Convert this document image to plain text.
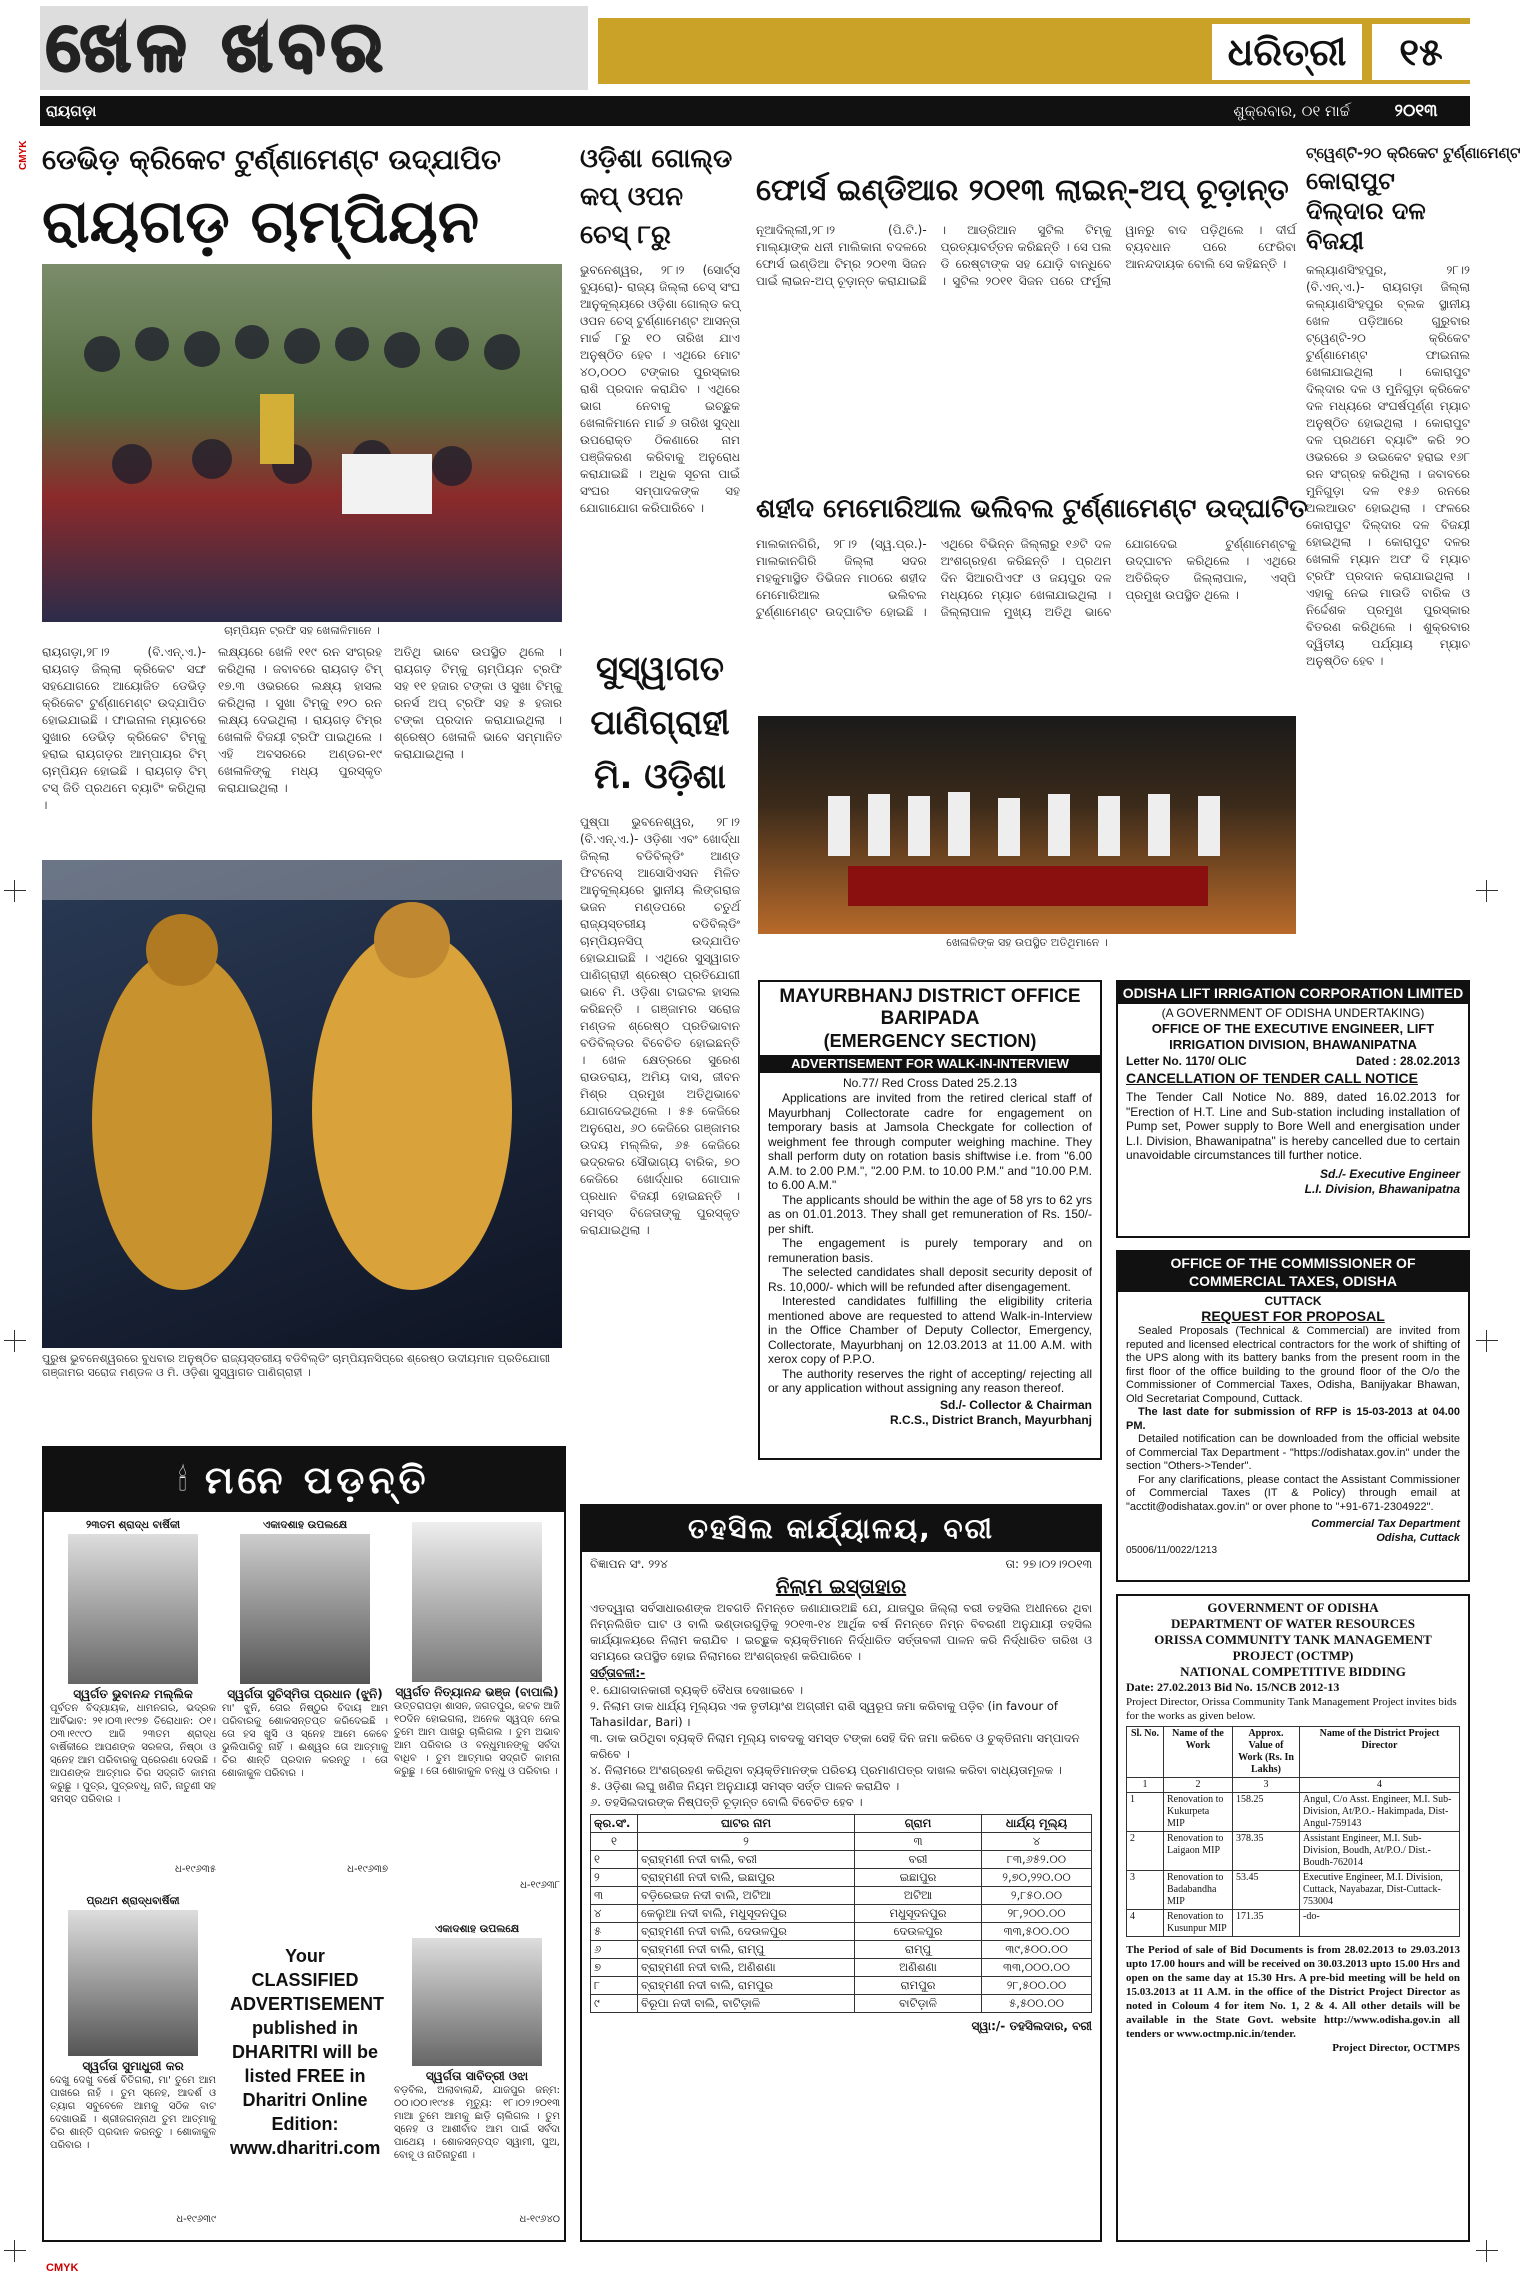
ଖେଳ ଖବର	ଧରିତ୍ରୀ	୧୫
ରାୟଗଡ଼ା	ଶୁକ୍ରବାର, ୦୧ ମାର୍ଚ୍ଚ	୨୦୧୩
CMYK
CMYK
ଡେଭିଡ଼ କ୍ରିକେଟ ଟୁର୍ଣ୍ଣାମେଣ୍ଟ ଉଦ୍‌ଯାପିତ
ରାୟଗଡ଼ ଚାମ୍ପିୟନ
ଚାମ୍ପିୟନ ଟ୍ରଫି ସହ ଖେଳାଳିମାନେ ।
ରାୟଗଡ଼ା,୨୮।୨ (ବି.ଏନ୍.ଏ.)- ରାୟଗଡ଼ ଜିଲ୍ଲା କ୍ରିକେଟ ସଙ୍ଘ ସହଯୋଗରେ ଆୟୋଜିତ ଡେଭିଡ଼ କ୍ରିକେଟ ଟୁର୍ଣ୍ଣାମେଣ୍ଟ ଉଦ୍‌ଯାପିତ ହୋଇଯାଇଛି । ଫାଇନାଲ ମ୍ୟାଚରେ ସୁଖାର ଡେଭିଡ଼ କ୍ରିକେଟ ଟିମ୍‌କୁ ହରାଇ ରାୟଗଡ଼ର ଆମ୍ପାୟର ଟିମ୍ ଚାମ୍ପିୟନ ହୋଇଛି । ରାୟଗଡ଼ ଟିମ୍ ଟସ୍ ଜିତି ପ୍ରଥମେ ବ୍ୟାଟିଂ କରିଥିଲା ।
ଲକ୍ଷ୍ୟରେ ଖେଳି ୧୧୯ ରନ ସଂଗ୍ରହ କରିଥିଲା । ଜବାବରେ ରାୟଗଡ଼ ଟିମ୍ ୧୭.୩ ଓଭରରେ ଲକ୍ଷ୍ୟ ହାସଲ କରିଥିଲା । ସୁଖା ଟିମ୍‌କୁ ୧୨୦ ରନ ଲକ୍ଷ୍ୟ ଦେଇଥିଲା । ରାୟଗଡ଼ ଟିମ୍‌ର ଖେଳାଳି ବିଜୟୀ ଟ୍ରଫି ପାଇଥିଲେ । ଏହି ଅବସରରେ ଅଣ୍ଡର-୧୯ ଖେଳାଳିଙ୍କୁ ମଧ୍ୟ ପୁରସ୍କୃତ କରାଯାଇଥିଲା ।
ଅତିଥି ଭାବେ ଉପସ୍ଥିତ ଥିଲେ । ରାୟଗଡ଼ ଟିମ୍‌କୁ ଚାମ୍ପିୟନ ଟ୍ରଫି ସହ ୧୧ ହଜାର ଟଙ୍କା ଓ ସୁଖା ଟିମ୍‌କୁ ରନର୍ସ ଅପ୍ ଟ୍ରଫି ସହ ୫ ହଜାର ଟଙ୍କା ପ୍ରଦାନ କରାଯାଇଥିଲା । ଶ୍ରେଷ୍ଠ ଖେଳାଳି ଭାବେ ସମ୍ମାନିତ କରାଯାଇଥିଲା ।
ଓଡ଼ିଶା ଗୋଲ୍ଡ କପ୍ ଓପନ ଚେସ୍ ୮ରୁ
ଭୁବନେଶ୍ୱର, ୨୮।୨ (ସୋର୍ଟ୍ସ ବ୍ୟୁରୋ)- ରାଜ୍ୟ ଜିଲ୍ଲା ଚେସ୍ ସଂଘ ଆନୁକୂଲ୍ୟରେ ଓଡ଼ିଶା ଗୋଲ୍ଡ କପ୍ ଓପନ ଚେସ୍ ଟୁର୍ଣ୍ଣାମେଣ୍ଟ ଆସନ୍ତା ମାର୍ଚ୍ଚ ୮ରୁ ୧୦ ତାରିଖ ଯାଏ ଅନୁଷ୍ଠିତ ହେବ । ଏଥିରେ ମୋଟ ୪୦,୦୦୦ ଟଙ୍କାର ପୁରସ୍କାର ରାଶି ପ୍ରଦାନ କରାଯିବ । ଏଥିରେ ଭାଗ ନେବାକୁ ଇଚ୍ଛୁକ ଖେଳାଳିମାନେ ମାର୍ଚ୍ଚ ୬ ତାରିଖ ସୁଦ୍ଧା ଉପରୋକ୍ତ ଠିକଣାରେ ନାମ ପଞ୍ଜିକରଣ କରିବାକୁ ଅନୁରୋଧ କରାଯାଇଛି । ଅଧିକ ସୂଚନା ପାଇଁ ସଂଘର ସମ୍ପାଦକଙ୍କ ସହ ଯୋଗାଯୋଗ କରିପାରିବେ ।
ସୁସ୍ୱାଗତ ପାଣିଗ୍ରାହୀ ମି. ଓଡ଼ିଶା
ପୁଷ୍ପା ଭୁବନେଶ୍ୱର, ୨୮।୨ (ବି.ଏନ୍.ଏ.)- ଓଡ଼ିଶା ଏବଂ ଖୋର୍ଦ୍ଧା ଜିଲ୍ଲା ବଡିବିଲ୍ଡିଂ ଆଣ୍ଡ ଫିଟନେସ୍ ଆସୋସିଏସନ ମିଳିତ ଆନୁକୂଲ୍ୟରେ ସ୍ଥାନୀୟ ଲିଙ୍ଗରାଜ ଭଜନ ମଣ୍ଡପରେ ଚତୁର୍ଥ ରାଜ୍ୟସ୍ତରୀୟ ବଡିବିଲ୍ଡିଂ ଚାମ୍ପିୟନସିପ୍ ଉଦ୍‌ଯାପିତ ହୋଇଯାଇଛି । ଏଥିରେ ସୁସ୍ୱାଗତ ପାଣିଗ୍ରାହୀ ଶ୍ରେଷ୍ଠ ପ୍ରତିଯୋଗୀ ଭାବେ ମି. ଓଡ଼ିଶା ଟାଇଟଲ ହାସଲ କରିଛନ୍ତି । ଗଞ୍ଜାମର ସରୋଜ ମଣ୍ଡଳ ଶ୍ରେଷ୍ଠ ପ୍ରତିଭାବାନ ବଡିବିଲ୍ଡର ବିବେଚିତ ହୋଇଛନ୍ତି । ଖେଳ କ୍ଷେତ୍ରରେ ସୁରେଶ ରାଉତରାୟ, ଅମିୟ ଦାସ, ଜୀବନ ମିଶ୍ର ପ୍ରମୁଖ ଅତିଥିଭାବେ ଯୋଗଦେଇଥିଲେ । ୫୫ କେଜିରେ ଅନୁରୋଧ, ୬୦ କେଜିରେ ଗଞ୍ଜାମର ଉଦୟ ମଲ୍ଲିକ, ୬୫ କେଜିରେ ଭଦ୍ରକର ସୌଭାଗ୍ୟ ବାରିକ, ୭୦ କେଜିରେ ଖୋର୍ଦ୍ଧାର ଗୋପାଳ ପ୍ରଧାନ ବିଜୟୀ ହୋଇଛନ୍ତି । ସମସ୍ତ ବିଜେତାଙ୍କୁ ପୁରସ୍କୃତ କରାଯାଇଥିଲା ।
ପୁରୁଷ ଭୁବନେଶ୍ୱରରେ ବୁଧବାର ଅନୁଷ୍ଠିତ ରାଜ୍ୟସ୍ତରୀୟ ବଡିବିଲ୍ଡିଂ ଚାମ୍ପିୟନସିପ୍‌ରେ ଶ୍ରେଷ୍ଠ ଉଦୀୟମାନ ପ୍ରତିଯୋଗୀ ଗଞ୍ଜାମର ସରୋଜ ମଣ୍ଡଳ ଓ ମି. ଓଡ଼ିଶା ସୁସ୍ୱାଗତ ପାଣିଗ୍ରାହୀ ।
ଫୋର୍ସ ଇଣ୍ଡିଆର ୨୦୧୩ ଲାଇନ୍-ଅପ୍ ଚୂଡ଼ାନ୍ତ
ନୂଆଦିଲ୍ଲୀ,୨୮।୨ (ପି.ଟି.)- ମାଲ୍ୟାଙ୍କ ଧନୀ ମାଲିକାନା ବଦଳରେ ଫୋର୍ସ ଇଣ୍ଡିଆ ଟିମ୍‌ର ୨୦୧୩ ସିଜନ ପାଇଁ ଲାଇନ-ଅପ୍ ଚୂଡ଼ାନ୍ତ କରାଯାଇଛି । ଆଡ୍ରିଆନ ସୁଟିଲ ଟିମ୍‌କୁ ପ୍ରତ୍ୟାବର୍ତ୍ତନ କରିଛନ୍ତି । ସେ ପଲ ଡି ରେଷ୍ଟାଙ୍କ ସହ ଯୋଡ଼ି ବାନ୍ଧିବେ । ସୁଟିଲ ୨୦୧୧ ସିଜନ ପରେ ଫର୍ମୁଲା ୱାନରୁ ବାଦ ପଡ଼ିଥିଲେ । ଦୀର୍ଘ ବ୍ୟବଧାନ ପରେ ଫେରିବା ଆନନ୍ଦଦାୟକ ବୋଲି ସେ କହିଛନ୍ତି ।
ଶହୀଦ ମେମୋରିଆଲ ଭଲିବଲ ଟୁର୍ଣ୍ଣାମେଣ୍ଟ ଉଦ୍‌ଘାଟିତ
ମାଲକାନଗିରି, ୨୮।୨ (ସ୍ୱ.ପ୍ର.)- ମାଲକାନଗିରି ଜିଲ୍ଲା ସଦର ମହକୁମାସ୍ଥିତ ଡିଭିଜନ ମାଠରେ ଶହୀଦ ମେମୋରିଆଲ ଭଲିବଲ ଟୁର୍ଣ୍ଣାମେଣ୍ଟ ଉଦ୍‌ଘାଟିତ ହୋଇଛି । ଏଥିରେ ବିଭିନ୍ନ ଜିଲ୍ଲାରୁ ୧୬ଟି ଦଳ ଅଂଶଗ୍ରହଣ କରିଛନ୍ତି । ପ୍ରଥମ ଦିନ ସିଆରପିଏଫ ଓ ଜୟପୁର ଦଳ ମଧ୍ୟରେ ମ୍ୟାଚ ଖେଳାଯାଇଥିଲା । ଜିଲ୍ଲାପାଳ ମୁଖ୍ୟ ଅତିଥି ଭାବେ ଯୋଗଦେଇ ଟୁର୍ଣ୍ଣାମେଣ୍ଟକୁ ଉଦ୍‌ଘାଟନ କରିଥିଲେ । ଏଥିରେ ଅତିରିକ୍ତ ଜିଲ୍ଲାପାଳ, ଏସ୍‌ପି ପ୍ରମୁଖ ଉପସ୍ଥିତ ଥିଲେ ।
ଖେଳାଳିଙ୍କ ସହ ଉପସ୍ଥିତ ଅତିଥିମାନେ ।
ଟ୍ୱେଣ୍ଟି-୨୦ କ୍ରିକେଟ ଟୁର୍ଣ୍ଣାମେଣ୍ଟ
କୋରାପୁଟ ଦିଲ୍‌ଦାର ଦଳ ବିଜୟୀ
କଲ୍ୟାଣସିଂହପୁର, ୨୮।୨ (ବି.ଏନ୍.ଏ.)- ରାୟଗଡ଼ା ଜିଲ୍ଲା କଲ୍ୟାଣସିଂହପୁର ବ୍ଲକ ସ୍ଥାନୀୟ ଖେଳ ପଡ଼ିଆରେ ଗୁରୁବାର ଟ୍ୱେଣ୍ଟି-୨୦ କ୍ରିକେଟ ଟୁର୍ଣ୍ଣାମେଣ୍ଟ ଫାଇନାଲ ଖେଳାଯାଇଥିଲା । କୋରାପୁଟ ଦିଲ୍‌ଦାର ଦଳ ଓ ମୁନିଗୁଡ଼ା କ୍ରିକେଟ ଦଳ ମଧ୍ୟରେ ସଂଘର୍ଷପୂର୍ଣ୍ଣ ମ୍ୟାଚ ଅନୁଷ୍ଠିତ ହୋଇଥିଲା । କୋରାପୁଟ ଦଳ ପ୍ରଥମେ ବ୍ୟାଟିଂ କରି ୨୦ ଓଭରରେ ୬ ଉଇକେଟ ହରାଇ ୧୬୮ ରନ ସଂଗ୍ରହ କରିଥିଲା । ଜବାବରେ ମୁନିଗୁଡ଼ା ଦଳ ୧୫୬ ରନରେ ଅଲଆଉଟ ହୋଇଥିଲା । ଫଳରେ କୋରାପୁଟ ଦିଲ୍‌ଦାର ଦଳ ବିଜୟୀ ହୋଇଥିଲା । କୋରାପୁଟ ଦଳର ଖେଳାଳି ମ୍ୟାନ ଅଫ ଦି ମ୍ୟାଚ ଟ୍ରଫି ପ୍ରଦାନ କରାଯାଇଥିଲା । ଏହାକୁ ନେଇ ମାଉଡି ବାରିକ ଓ ନିର୍ଦ୍ଦେଶକ ପ୍ରମୁଖ ପୁରସ୍କାର ବିତରଣ କରିଥିଲେ । ଶୁକ୍ରବାର ଦ୍ୱିତୀୟ ପର୍ଯ୍ୟାୟ ମ୍ୟାଚ ଅନୁଷ୍ଠିତ ହେବ ।
MAYURBHANJ DISTRICT OFFICE
BARIPADA
(EMERGENCY SECTION)
ADVERTISEMENT FOR WALK-IN-INTERVIEW
No.77/ Red Cross Dated 25.2.13
Applications are invited from the retired clerical staff of Mayurbhanj Collectorate cadre for engagement on temporary basis at Jamsola Checkgate for collection of weighment fee through computer weighing machine. They shall perform duty on rotation basis shiftwise i.e. from "6.00 A.M. to 2.00 P.M.", "2.00 P.M. to 10.00 P.M." and "10.00 P.M. to 6.00 A.M."
The applicants should be within the age of 58 yrs to 62 yrs as on 01.01.2013. They shall get remuneration of Rs. 150/- per shift.
The engagement is purely temporary and on remuneration basis.
The selected candidates shall deposit security deposit of Rs. 10,000/- which will be refunded after disengagement.
Interested candidates fulfilling the eligibility criteria mentioned above are requested to attend Walk-in-Interview in the Office Chamber of Deputy Collector, Emergency, Collectorate, Mayurbhanj on 12.03.2013 at 11.00 A.M. with xerox copy of P.P.O.
The authority reserves the right of accepting/ rejecting all or any application without assigning any reason thereof.
Sd./- Collector & Chairman
R.C.S., District Branch, Mayurbhanj
ODISHA LIFT IRRIGATION CORPORATION LIMITED
(A GOVERNMENT OF ODISHA UNDERTAKING)
OFFICE OF THE EXECUTIVE ENGINEER, LIFT IRRIGATION DIVISION, BHAWANIPATNA
Letter No. 1170/ OLIC	Dated : 28.02.2013
CANCELLATION OF TENDER CALL NOTICE
The Tender Call Notice No. 889, dated 16.02.2013 for "Erection of H.T. Line and Sub-station including installation of Pump set, Power supply to Bore Well and energisation under L.I. Division, Bhawanipatna" is hereby cancelled due to certain unavoidable circumstances till further notice.
Sd./- Executive Engineer
L.I. Division, Bhawanipatna
OFFICE OF THE COMMISSIONER OF COMMERCIAL TAXES, ODISHA
CUTTACK
REQUEST FOR PROPOSAL
Sealed Proposals (Technical & Commercial) are invited from reputed and licensed electrical contractors for the work of shifting of the UPS along with its battery banks from the present room in the first floor of the office building to the ground floor of the O/o the Commissioner of Commercial Taxes, Odisha, Banijyakar Bhawan, Old Secretariat Compound, Cuttack.
The last date for submission of RFP is 15-03-2013 at 04.00 PM.
Detailed notification can be downloaded from the official website of Commercial Tax Department - "https://odishatax.gov.in" under the section "Others->Tender".
For any clarifications, please contact the Assistant Commissioner of Commercial Taxes (IT & Policy) through email at "acctit@odishatax.gov.in" or over phone to "+91-671-2304922".
Commercial Tax Department
Odisha, Cuttack
05006/11/0022/1213
GOVERNMENT OF ODISHA
DEPARTMENT OF WATER RESOURCES
ORISSA COMMUNITY TANK MANAGEMENT PROJECT (OCTMP)
NATIONAL COMPETITIVE BIDDING
Date: 27.02.2013 Bid No. 15/NCB 2012-13
Project Director, Orissa Community Tank Management Project invites bids for the works as given below.
Sl. No.	Name of the Work	Approx. Value of Work (Rs. In Lakhs)	Name of the District Project Director
1	2	3	4
1	Renovation to Kukurpeta MIP	158.25	Angul, C/o Asst. Engineer, M.I. Sub-Division, At/P.O.- Hakimpada, Dist-Angul-759143
2	Renovation to Laigaon MIP	378.35	Assistant Engineer, M.I. Sub-Division, Boudh, At/P.O./ Dist.- Boudh-762014
3	Renovation to Badabandha MIP	53.45	Executive Engineer, M.I. Division, Cuttack, Nayabazar, Dist-Cuttack-753004
4	Renovation to Kusunpur MIP	171.35	-do-
The Period of sale of Bid Documents is from 28.02.2013 to 29.03.2013 upto 17.00 hours and will be received on 30.03.2013 upto 15.00 Hrs and open on the same day at 15.30 Hrs. A pre-bid meeting will be held on 15.03.2013 at 11 A.M. in the office of the District Project Director as noted in Coloum 4 for item No. 1, 2 & 4. All other details will be available in the State Govt. website http://www.odisha.gov.in all tenders or www.octmp.nic.in/tender.
Project Director, OCTMPS
ତହସିଲ କାର୍ଯ୍ୟାଳୟ, ବରୀ
ବିଜ୍ଞାପନ ସଂ. ୨୨୪	ତା: ୨୭।୦୨।୨୦୧୩
ନିଲାମ ଇସ୍ତାହାର
ଏତଦ୍ୱାରା ସର୍ବସାଧାରଣଙ୍କ ଅବଗତି ନିମନ୍ତେ ଜଣାଯାଉଅଛି ଯେ, ଯାଜପୁର ଜିଲ୍ଲା ବରୀ ତହସିଲ ଅଧୀନରେ ଥିବା ନିମ୍ନଲିଖିତ ଘାଟ ଓ ବାଲି ଭଣ୍ଡାରଗୁଡ଼ିକୁ ୨୦୧୩-୧୪ ଆର୍ଥିକ ବର୍ଷ ନିମନ୍ତେ ନିମ୍ନ ବିବରଣୀ ଅନୁଯାୟୀ ତହସିଲ କାର୍ଯ୍ୟାଳୟରେ ନିଲାମ କରାଯିବ । ଇଚ୍ଛୁକ ବ୍ୟକ୍ତିମାନେ ନିର୍ଦ୍ଧାରିତ ସର୍ତ୍ତାବଳୀ ପାଳନ କରି ନିର୍ଦ୍ଧାରିତ ତାରିଖ ଓ ସମୟରେ ଉପସ୍ଥିତ ହୋଇ ନିଲାମରେ ଅଂଶଗ୍ରହଣ କରିପାରିବେ ।
ସର୍ତ୍ତାବଳୀ:-
୧. ଯୋଗଦାନକାରୀ ବ୍ୟକ୍ତି ବୈଧତା ଦେଖାଇବେ ।
୨. ନିଲାମ ଡାକ ଧାର୍ଯ୍ୟ ମୂଲ୍ୟର ଏକ ତୃତୀୟାଂଶ ଅଗ୍ରୀମ ରାଶି ସ୍ୱରୂପ ଜମା କରିବାକୁ ପଡ଼ିବ (in favour of Tahasildar, Bari) ।
୩. ଡାକ ଉଠିଥିବା ବ୍ୟକ୍ତି ନିଲାମ ମୂଲ୍ୟ ବାବଦକୁ ସମସ୍ତ ଟଙ୍କା ସେହି ଦିନ ଜମା କରିବେ ଓ ଚୁକ୍ତିନାମା ସମ୍ପାଦନ କରିବେ ।
୪. ନିଲାମରେ ଅଂଶଗ୍ରହଣ କରିଥିବା ବ୍ୟକ୍ତିମାନଙ୍କ ପରିଚୟ ପ୍ରମାଣପତ୍ର ଦାଖଲ କରିବା ବାଧ୍ୟତାମୂଳକ ।
୫. ଓଡ଼ିଶା ଲଘୁ ଖଣିଜ ନିୟମ ଅନୁଯାୟୀ ସମସ୍ତ ସର୍ତ୍ତ ପାଳନ କରାଯିବ ।
୬. ତହସିଲଦାରଙ୍କ ନିଷ୍ପତ୍ତି ଚୂଡ଼ାନ୍ତ ବୋଲି ବିବେଚିତ ହେବ ।
କ୍ର.ସଂ.	ଘାଟର ନାମ	ଗ୍ରାମ	ଧାର୍ଯ୍ୟ ମୂଲ୍ୟ
୧	୨	୩	୪
୧	ବ୍ରାହ୍ମଣୀ ନଦୀ ବାଲି, ବରୀ	ବରୀ	୮୩,୬୫୨.୦୦
୨	ବ୍ରାହ୍ମଣୀ ନଦୀ ବାଲି, ଇଛାପୁର	ଇଛାପୁର	୨,୭୦,୨୨୦.୦୦
୩	ବଡ଼ିରେଇଜ ନଦୀ ବାଲି, ଅଟିଆ	ଅଟିଆ	୨,୮୫୦.୦୦
୪	କେଲୁଆ ନଦୀ ବାଲି, ମଧୁସୂଦନପୁର	ମଧୁସୂଦନପୁର	୨୮,୨୦୦.୦୦
୫	ବ୍ରାହ୍ମଣୀ ନଦୀ ବାଲି, ଦେଉଳପୁର	ଦେଉଳପୁର	୩୩,୫୦୦.୦୦
୬	ବ୍ରାହ୍ମଣୀ ନଦୀ ବାଲି, ରାମ୍ପୁ	ରାମ୍ପୁ	୩୯,୫୦୦.୦୦
୭	ବ୍ରାହ୍ମଣୀ ନଦୀ ବାଲି, ଅଣିଶଣା	ଅଣିଶଣା	୩୩,୦୦୦.୦୦
୮	ବ୍ରାହ୍ମଣୀ ନଦୀ ବାଲି, ରାମପୁର	ରାମପୁର	୨୮,୫୦୦.୦୦
୯	ବିରୂପା ନଦୀ ବାଲି, ବାଟିଡ଼ାଳି	ବାଟିଡ଼ାଳି	୫,୫୦୦.୦୦
ସ୍ୱା:/- ତହସିଲଦାର, ବରୀ
🕯 ମନେ ପଡ଼ନ୍ତି
୨୩ତମ ଶ୍ରାଦ୍ଧ ବାର୍ଷିକୀ
ସ୍ୱର୍ଗତ ଭୁବାନନ୍ଦ ମଲ୍ଲିକ
ପୂର୍ବତନ ବିଦ୍ୟାୟକ, ଧାମନଗର, ଭଦ୍ରକ ଆର୍ବିଭାବ: ୨୧।୦୩।୧୯୨୭ ତିରୋଧାନ: ୦୧।୦୩।୧୯୯୦ ଆଜି ୨୩ତମ ଶ୍ରାଦ୍ଧ ବାର୍ଷିକୀରେ ଆପଣଙ୍କ ସରଳତା, ନିଷ୍ଠା ଓ ସ୍ନେହ ଆମ ପରିବାରକୁ ପ୍ରେରଣା ଦେଉଛି । ଆପଣଙ୍କ ଆତ୍ମାର ଚିର ସଦ୍‌ଗତି କାମନା କରୁଛୁ । ପୁତ୍ର, ପୁତ୍ରବଧୂ, ନାତି, ନାତୁଣୀ ସହ ସମସ୍ତ ପରିବାର ।
ଧ-୧୯୬୩୫
ଏକାଦଶାହ ଉପଲକ୍ଷେ
ସ୍ୱର୍ଗତା ସୁଚିସ୍ମିତା ପ୍ରଧାନ (ଝୁନି)
ମା' ଝୁନି, ତୋର ନିଷ୍ଠୁର ବିଦାୟ ଆମ ପରିବାରକୁ ଶୋକସନ୍ତପ୍ତ କରିଦେଇଛି । ତୋ ହସ ଖୁସି ଓ ସ୍ନେହ ଆମେ କେବେ ଭୁଲିପାରିବୁ ନାହିଁ । ଈଶ୍ୱର ତୋ ଆତ୍ମାକୁ ଚିର ଶାନ୍ତି ପ୍ରଦାନ କରନ୍ତୁ । ତୋ ଶୋକାକୁଳ ପରିବାର ।
ଧ-୧୯୬୩୭
ସ୍ୱର୍ଗତ ନିତ୍ୟାନନ୍ଦ ଭଞ୍ଜ (ବାପାଲି)
ଉତ୍ତରାପଡ଼ା ଶାସନ, ଜଗତପୁର, କଟକ ଆଜି ୧୦ଦିନ ହୋଇଗଲା, ଅନେକ ସ୍ୱପ୍ନ ନେଇ ତୁମେ ଆମ ପାଖରୁ ଚାଲିଗଲ । ତୁମ ଅଭାବ ଆମ ପରିବାର ଓ ବନ୍ଧୁମାନଙ୍କୁ ସର୍ବଦା ବାଧିବ । ତୁମ ଆତ୍ମାର ସଦ୍‌ଗତି କାମନା କରୁଛୁ । ତୋ ଶୋକାକୁଳ ବନ୍ଧୁ ଓ ପରିବାର ।
ଧ-୧୯୬୩୮
ପ୍ରଥମ ଶ୍ରାଦ୍ଧବାର୍ଷିକୀ
ସ୍ୱର୍ଗତା ସୁମାଧୁରୀ କର
ଦେଖୁ ଦେଖୁ ବର୍ଷେ ବିତିଗଲା, ମା' ତୁମେ ଆମ ପାଖରେ ନାହଁ । ତୁମ ସ୍ନେହ, ଆଦର୍ଶ ଓ ତ୍ୟାଗ ସବୁବେଳେ ଆମକୁ ସଠିକ ବାଟ ଦେଖାଉଛି । ଶ୍ରୀଜଗନ୍ନାଥ ତୁମ ଆତ୍ମାକୁ ଚିର ଶାନ୍ତି ପ୍ରଦାନ କରନ୍ତୁ । ଶୋକାକୁଳ ପରିବାର ।
ଧ-୧୯୬୩୯
Your CLASSIFIED ADVERTISEMENT published in DHARITRI will be listed FREE in Dharitri Online Edition: www.dharitri.com
ଏକାଦଶାହ ଉପଲକ୍ଷେ
ସ୍ୱର୍ଗତା ସାବିତ୍ରୀ ଓଝା
ବଡ଼ବିଲ, ଅଲାବାଲାନ୍ଦି, ଯାଜପୁର ଜନ୍ମ: ୦୦।୦୦।୧୯୪୫ ମୃତ୍ୟୁ: ୧୮।୦୨।୨୦୧୩ ମାଆ ତୁମେ ଆମକୁ ଛାଡ଼ି ଚାଲିଗଲ । ତୁମ ସ୍ନେହ ଓ ଆଶୀର୍ବାଦ ଆମ ପାଇଁ ସର୍ବଦା ପାଥେୟ । ଶୋକସନ୍ତପ୍ତ ସ୍ୱାମୀ, ପୁଅ, ବୋହୂ ଓ ନାତିନାତୁଣୀ ।
ଧ-୧୯୬୪୦
